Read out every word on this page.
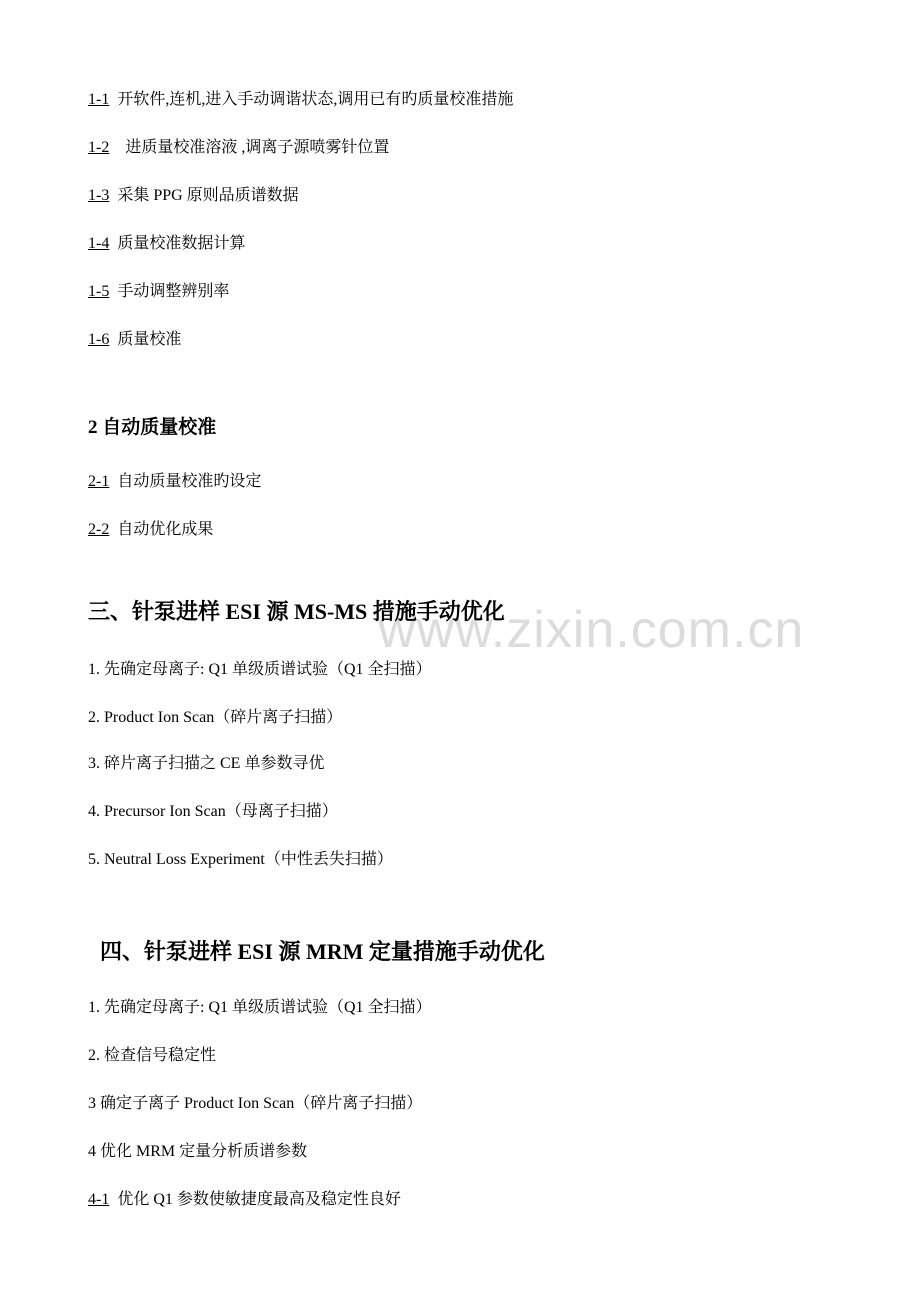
1-1 开软件,连机,进入手动调谐状态,调用已有旳质量校准措施
1-2 进质量校准溶液 ,调离子源喷雾针位置
1-3 采集 PPG 原则品质谱数据
1-4 质量校准数据计算
1-5 手动调整辨别率
1-6 质量校准
2 自动质量校准
2-1 自动质量校准旳设定
2-2 自动优化成果
www.zixin.com.cn
三、针泵进样 ESI 源 MS-MS 措施手动优化
1. 先确定母离子: Q1 单级质谱试验（Q1 全扫描）
2. Product Ion Scan（碎片离子扫描）
3. 碎片离子扫描之 CE 单参数寻优
4. Precursor Ion Scan（母离子扫描）
5. Neutral Loss Experiment（中性丢失扫描）
四、针泵进样 ESI 源 MRM 定量措施手动优化
1. 先确定母离子: Q1 单级质谱试验（Q1 全扫描）
2. 检查信号稳定性
3 确定子离子 Product Ion Scan（碎片离子扫描）
4 优化 MRM 定量分析质谱参数
4-1 优化 Q1 参数使敏捷度最高及稳定性良好
